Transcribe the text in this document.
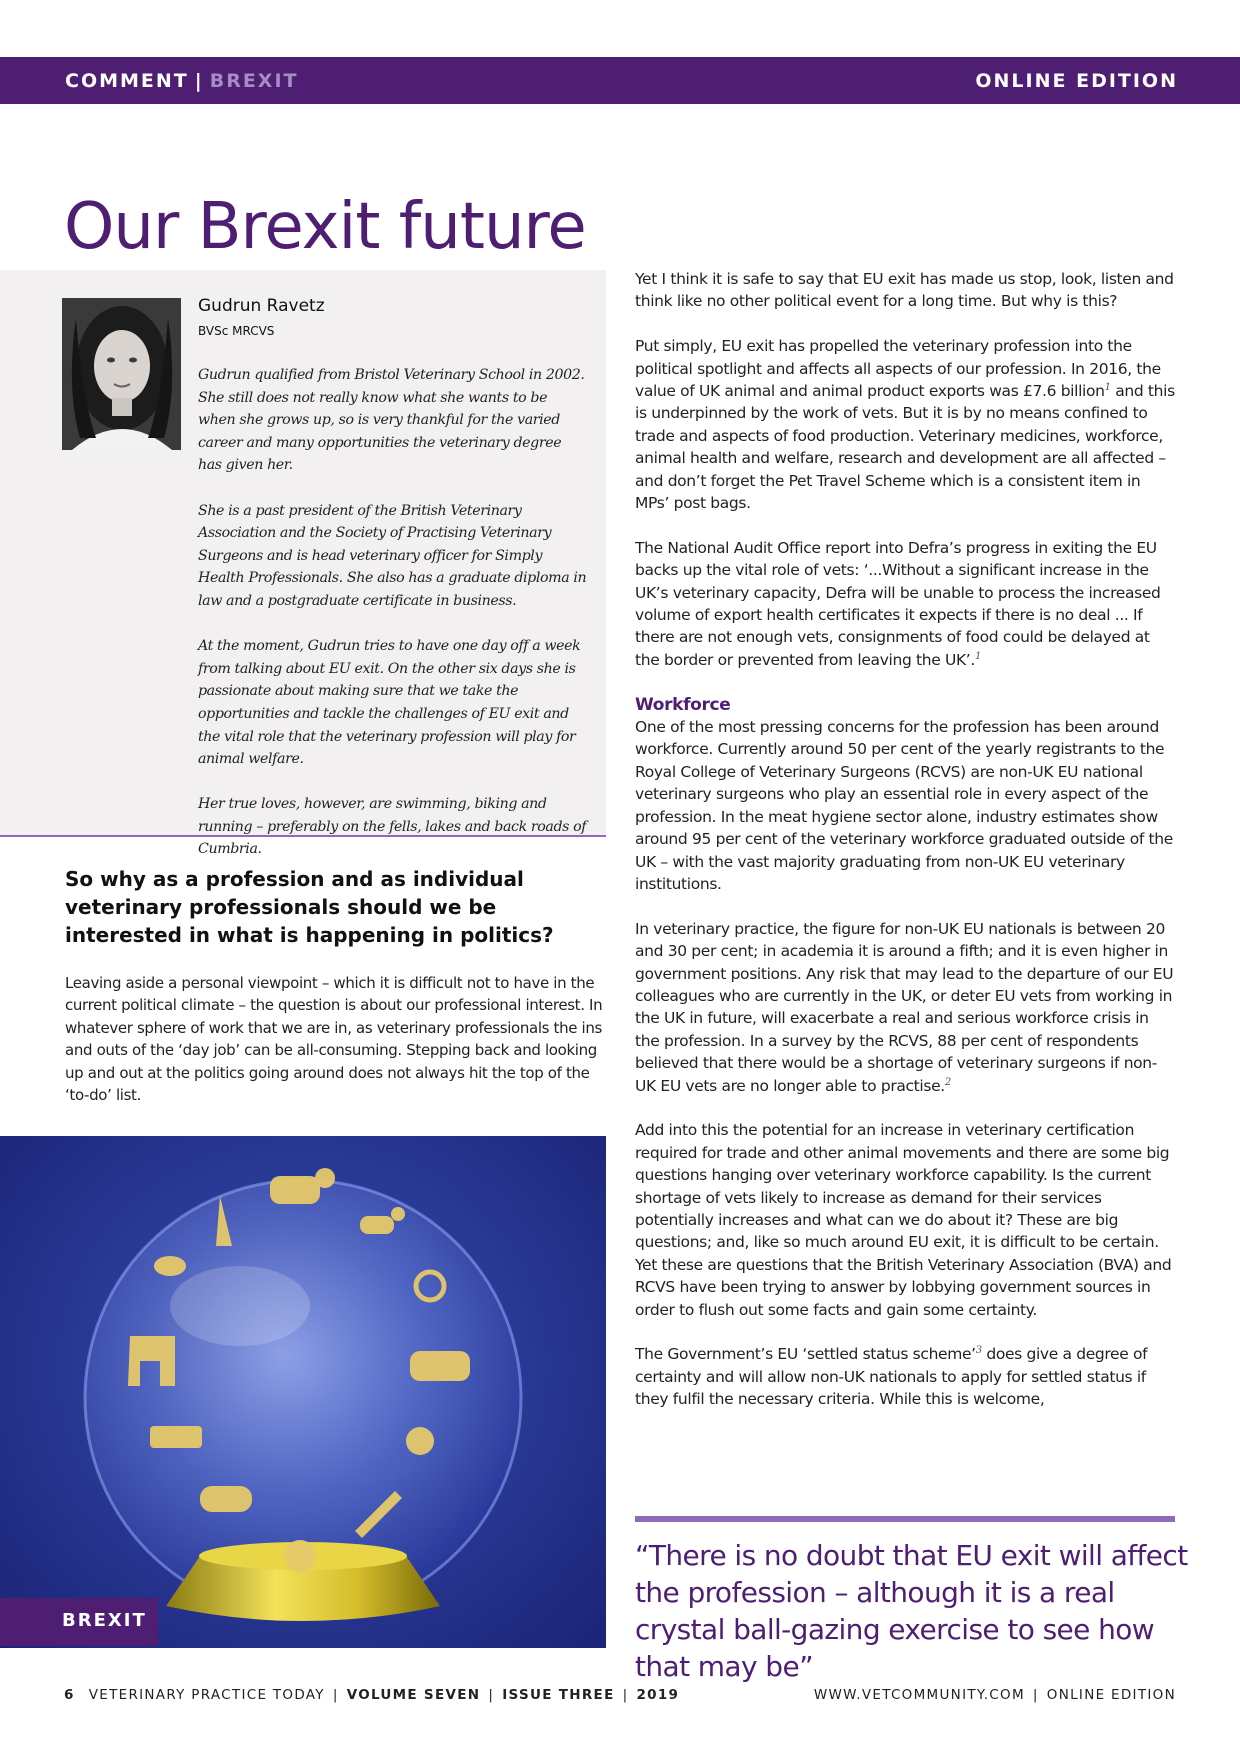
COMMENT | BREXIT	ONLINE EDITION
Our Brexit future
Gudrun Ravetz
BVSc MRCVS

Gudrun qualified from Bristol Veterinary School in 2002. She still does not really know what she wants to be when she grows up, so is very thankful for the varied career and many opportunities the veterinary degree has given her.

She is a past president of the British Veterinary Association and the Society of Practising Veterinary Surgeons and is head veterinary officer for Simply Health Professionals. She also has a graduate diploma in law and a postgraduate certificate in business.

At the moment, Gudrun tries to have one day off a week from talking about EU exit. On the other six days she is passionate about making sure that we take the opportunities and tackle the challenges of EU exit and the vital role that the veterinary profession will play for animal welfare.

Her true loves, however, are swimming, biking and running – preferably on the fells, lakes and back roads of Cumbria.

So why as a profession and as individual veterinary professionals should we be interested in what is happening in politics?

Leaving aside a personal viewpoint – which it is difficult not to have in the current political climate – the question is about our professional interest. In whatever sphere of work that we are in, as veterinary professionals the ins and outs of the ‘day job’ can be all-consuming. Stepping back and looking up and out at the politics going around does not always hit the top of the ‘to-do’ list.

BREXIT

Yet I think it is safe to say that EU exit has made us stop, look, listen and think like no other political event for a long time. But why is this?

Put simply, EU exit has propelled the veterinary profession into the political spotlight and affects all aspects of our profession. In 2016, the value of UK animal and animal product exports was £7.6 billion$^1$ and this is underpinned by the work of vets. But it is by no means confined to trade and aspects of food production. Veterinary medicines, workforce, animal health and welfare, research and development are all affected – and don’t forget the Pet Travel Scheme which is a consistent item in MPs’ post bags.

The National Audit Office report into Defra’s progress in exiting the EU backs up the vital role of vets: ‘...Without a significant increase in the UK’s veterinary capacity, Defra will be unable to process the increased volume of export health certificates it expects if there is no deal ... If there are not enough vets, consignments of food could be delayed at the border or prevented from leaving the UK’.$^1$

Workforce

One of the most pressing concerns for the profession has been around workforce. Currently around 50 per cent of the yearly registrants to the Royal College of Veterinary Surgeons (RCVS) are non-UK EU national veterinary surgeons who play an essential role in every aspect of the profession. In the meat hygiene sector alone, industry estimates show around 95 per cent of the veterinary workforce graduated outside of the UK – with the vast majority graduating from non-UK EU veterinary institutions.

In veterinary practice, the figure for non-UK EU nationals is between 20 and 30 per cent; in academia it is around a fifth; and it is even higher in government positions. Any risk that may lead to the departure of our EU colleagues who are currently in the UK, or deter EU vets from working in the UK in future, will exacerbate a real and serious workforce crisis in the profession. In a survey by the RCVS, 88 per cent of respondents believed that there would be a shortage of veterinary surgeons if non-UK EU vets are no longer able to practise.$^2$

Add into this the potential for an increase in veterinary certification required for trade and other animal movements and there are some big questions hanging over veterinary workforce capability. Is the current shortage of vets likely to increase as demand for their services potentially increases and what can we do about it? These are big questions; and, like so much around EU exit, it is difficult to be certain. Yet these are questions that the British Veterinary Association (BVA) and RCVS have been trying to answer by lobbying government sources in order to flush out some facts and gain some certainty.

The Government’s EU ‘settled status scheme’$^3$ does give a degree of certainty and will allow non-UK nationals to apply for settled status if they fulfil the necessary criteria. While this is welcome,

“There is no doubt that EU exit will affect the profession – although it is a real crystal ball-gazing exercise to see how that may be”
6 VETERINARY PRACTICE TODAY | VOLUME SEVEN | ISSUE THREE | 2019	WWW.VETCOMMUNITY.COM | ONLINE EDITION
